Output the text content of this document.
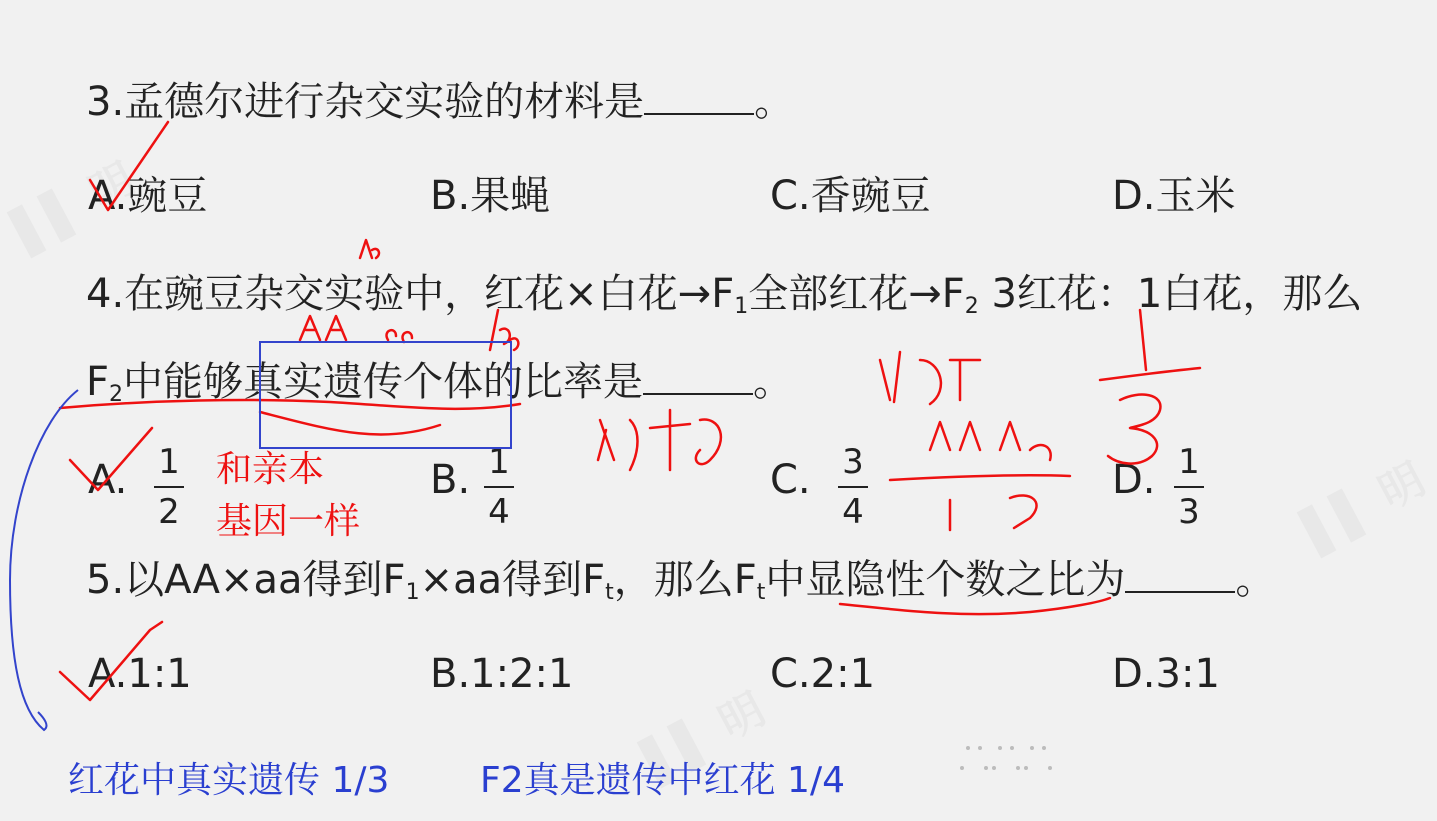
3.孟德尔进行杂交实验的材料是	。
A.豌豆	B.果蝇	C.香豌豆	D.玉米
4.在豌豆杂交实验中，红花×白花$\to F_1$全部红花$\to F_2$ 3红花：1白花，那么
$F_2$中能够真实遗传个体的比率是	。
A. 1
2
B. 1
4
C. 3
4
D. 1
3
和亲本
基因一样
5.以AA×aa得到$F_1\times aa$得到$F_t$，那么$F_t$中显隐性个数之比为	。
A.1:1	B.1:2:1	C.2:1	D.3:1
红花中真实遗传 1/3	F2真是遗传中红花 1/4
